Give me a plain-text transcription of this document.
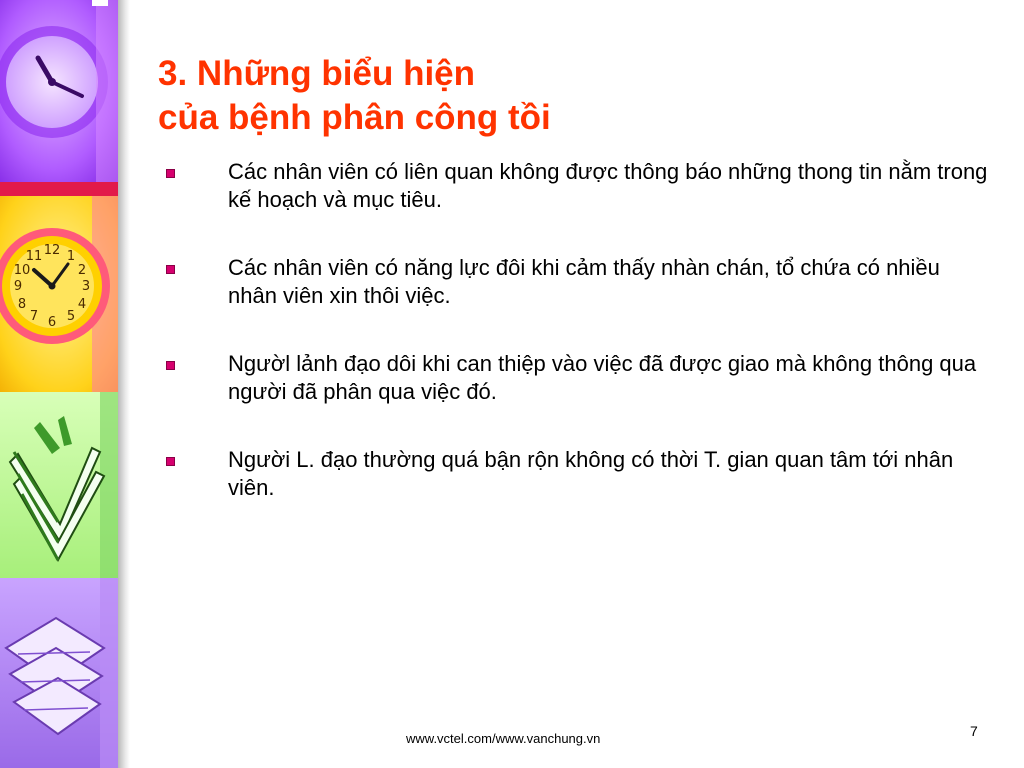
12
3
6
9
1
2
4
5
7
8
10
11
3. Những biểu hiện
của bệnh phân công tồi
Các nhân viên có liên quan không được thông báo những thong tin nằm trong kế hoạch và mục tiêu.
Các nhân viên có năng lực đôi khi cảm thấy nhàn chán, tổ chứa có nhiều nhân viên xin thôi việc.
Ngườl lảnh đạo dôi khi can thiệp vào việc đã được giao mà không thông qua người đã phân qua việc đó.
Người L. đạo thường quá bận rộn không có thời T. gian quan tâm tới nhân viên.
www.vctel.com/www.vanchung.vn	7
